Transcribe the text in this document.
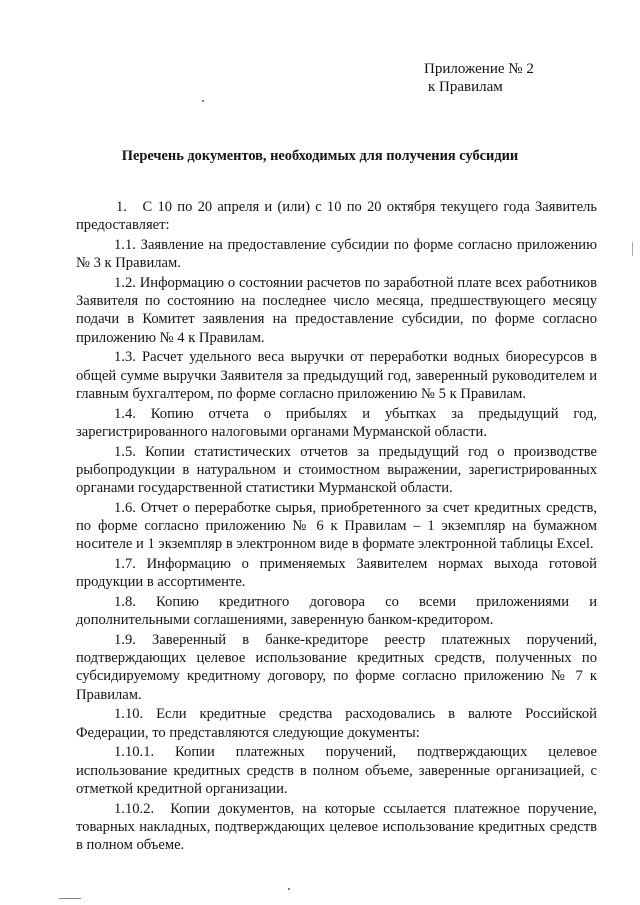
Приложение № 2
к Правилам
Перечень документов, необходимых для получения субсидии

1.   С 10 по 20 апреля и (или) с 10 по 20 октября текущего года Заявитель предоставляет:

1.1. Заявление на предоставление субсидии по форме согласно приложению № 3 к Правилам.

1.2. Информацию о состоянии расчетов по заработной плате всех работников Заявителя по состоянию на последнее число месяца, предшествующего месяцу подачи в Комитет заявления на предоставление субсидии, по форме согласно приложению № 4 к Правилам.

1.3. Расчет удельного веса выручки от переработки водных биоресурсов в общей сумме выручки Заявителя за предыдущий год, заверенный руководителем и главным бухгалтером, по форме согласно приложению № 5 к Правилам.

1.4. Копию отчета о прибылях и убытках за предыдущий год, зарегистрированного налоговыми органами Мурманской области.

1.5. Копии статистических отчетов за предыдущий год о производстве рыбопродукции в натуральном и стоимостном выражении, зарегистрированных органами государственной статистики Мурманской области.

1.6. Отчет о переработке сырья, приобретенного за счет кредитных средств, по форме согласно приложению № 6 к Правилам – 1 экземпляр на бумажном носителе и 1 экземпляр в электронном виде в формате электронной таблицы Excel.

1.7. Информацию о применяемых Заявителем нормах выхода готовой продукции в ассортименте.

1.8. Копию кредитного договора со всеми приложениями и дополнительными соглашениями, заверенную банком-кредитором.

1.9. Заверенный в банке-кредиторе реестр платежных поручений, подтверждающих целевое использование кредитных средств, полученных по субсидируемому кредитному договору, по форме согласно приложению № 7 к Правилам.

1.10. Если кредитные средства расходовались в валюте Российской Федерации, то представляются следующие документы:

1.10.1. Копии платежных поручений, подтверждающих целевое использование кредитных средств в полном объеме, заверенные организацией, с отметкой кредитной организации.

1.10.2.  Копии документов, на которые ссылается платежное поручение, товарных накладных, подтверждающих целевое использование кредитных средств в полном объеме.
